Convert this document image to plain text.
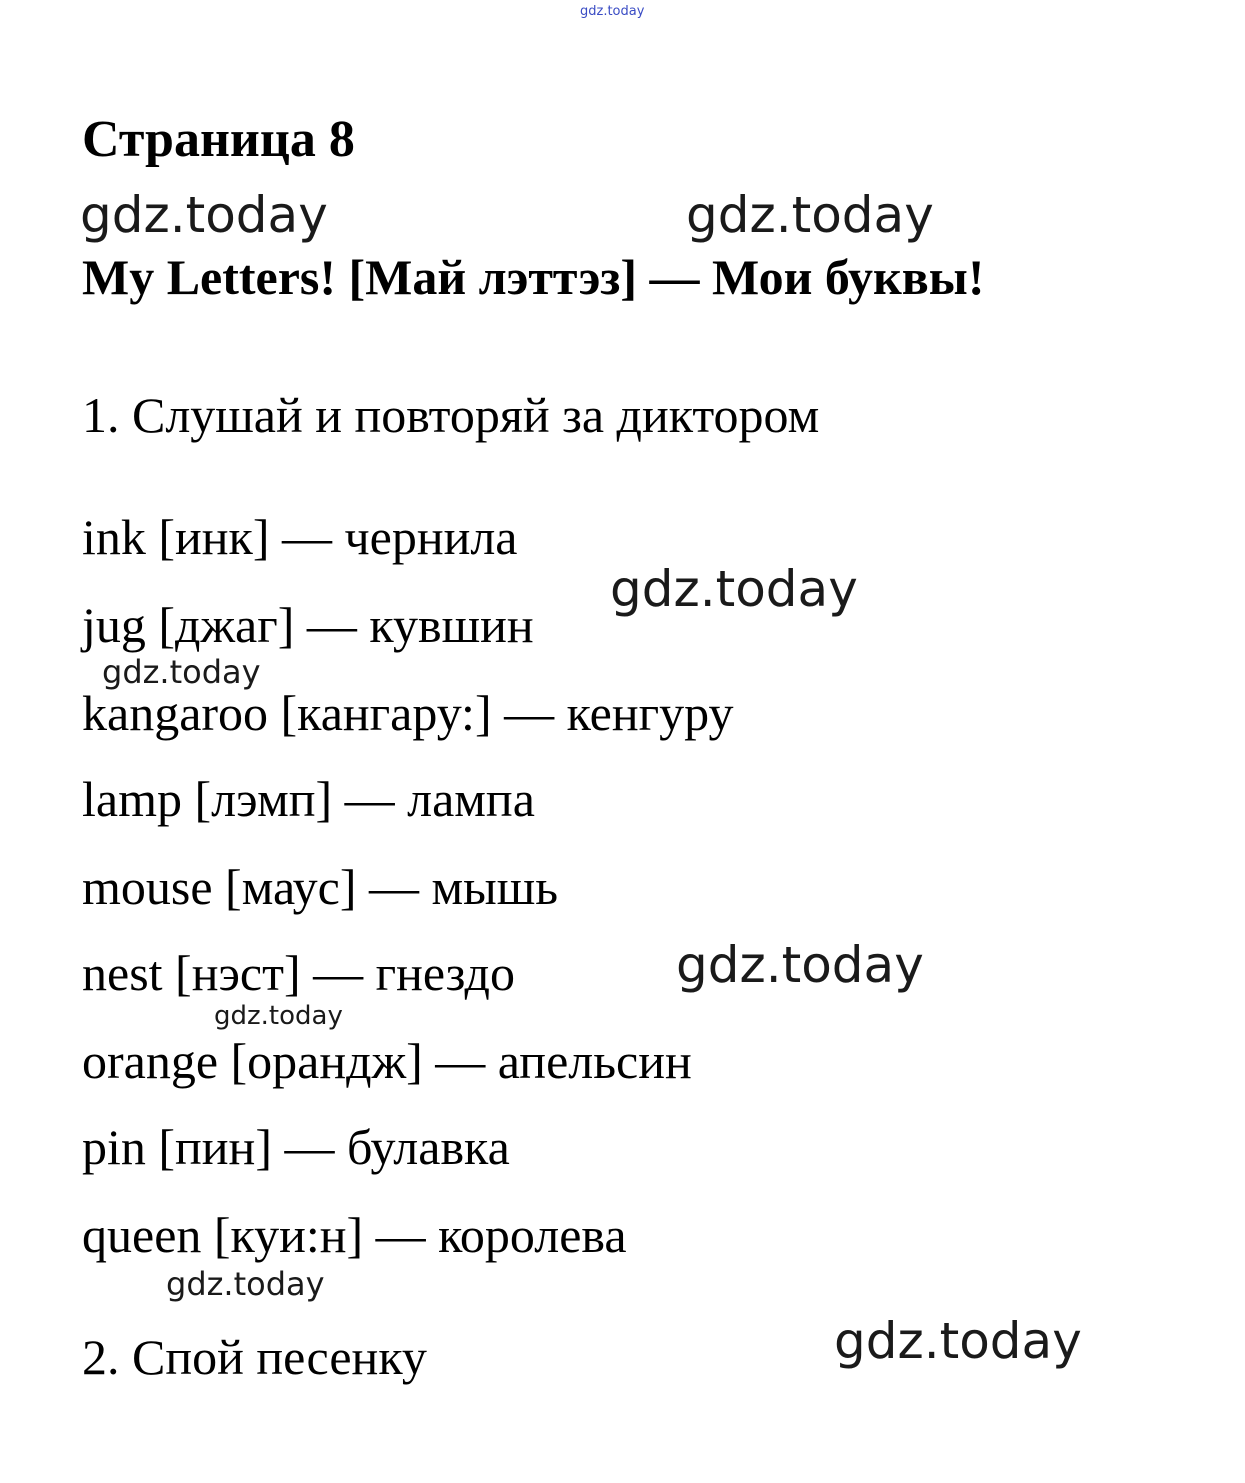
gdz.today
Страница 8
gdz.today	gdz.today
My Letters! [Май лэттэз] — Мои буквы!
1. Слушай и повторяй за диктором
ink [инк] — чернила
jug [джаг] — кувшин
kangaroo [кангару:] — кенгуру
lamp [лэмп] — лампа
mouse [маус] — мышь
nest [нэст] — гнездо
orange [орандж] — апельсин
pin [пин] — булавка
queen [куи:н] — королева
2. Спой песенку
gdz.today
gdz.today
gdz.today
gdz.today
gdz.today
gdz.today
